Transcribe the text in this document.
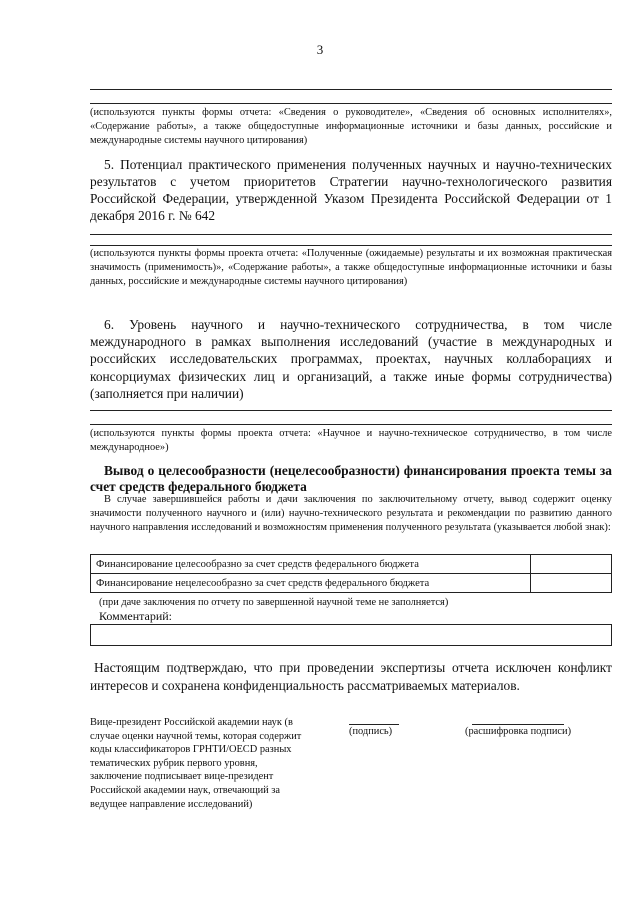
3
(используются пункты формы отчета: «Сведения о руководителе», «Сведения об основных исполнителях», «Содержание работы», а также общедоступные информационные источники и базы данных, российские и международные системы научного цитирования)
5. Потенциал практического применения полученных научных и научно-технических результатов с учетом приоритетов Стратегии научно-технологического развития Российской Федерации, утвержденной Указом Президента Российской Федерации от 1 декабря 2016 г. № 642
(используются пункты формы проекта отчета: «Полученные (ожидаемые) результаты и их возможная практическая значимость (применимость)», «Содержание работы», а также общедоступные информационные источники и базы данных, российские и международные системы научного цитирования)
6. Уровень научного и научно-технического сотрудничества, в том числе международного в рамках выполнения исследований (участие в международных и российских исследовательских программах, проектах, научных коллаборациях и консорциумах физических лиц и организаций, а также иные формы сотрудничества) (заполняется при наличии)
(используются пункты формы проекта отчета: «Научное и научно-техническое сотрудничество, в том числе международное»)
Вывод о целесообразности (нецелесообразности) финансирования проекта темы за счет средств федерального бюджета
В случае завершившейся работы и дачи заключения по заключительному отчету, вывод содержит оценку значимости полученного научного и (или) научно-технического результата и рекомендации по развитию данного научного направления исследований и возможностям применения полученного результата (указывается любой знак):
Финансирование целесообразно за счет средств федерального бюджета	
Финансирование нецелесообразно за счет средств федерального бюджета	
(при даче заключения по отчету по завершенной научной теме не заполняется)
Комментарий:
Настоящим подтверждаю, что при проведении экспертизы отчета исключен конфликт интересов и сохранена конфиденциальность рассматриваемых материалов.
Вице-президент Российской академии наук (в случае оценки научной темы, которая содержит коды классификаторов ГРНТИ/OECD разных тематических рубрик первого уровня, заключение подписывает вице-президент Российской академии наук, отвечающий за ведущее направление исследований)
(подпись)	(расшифровка подписи)
